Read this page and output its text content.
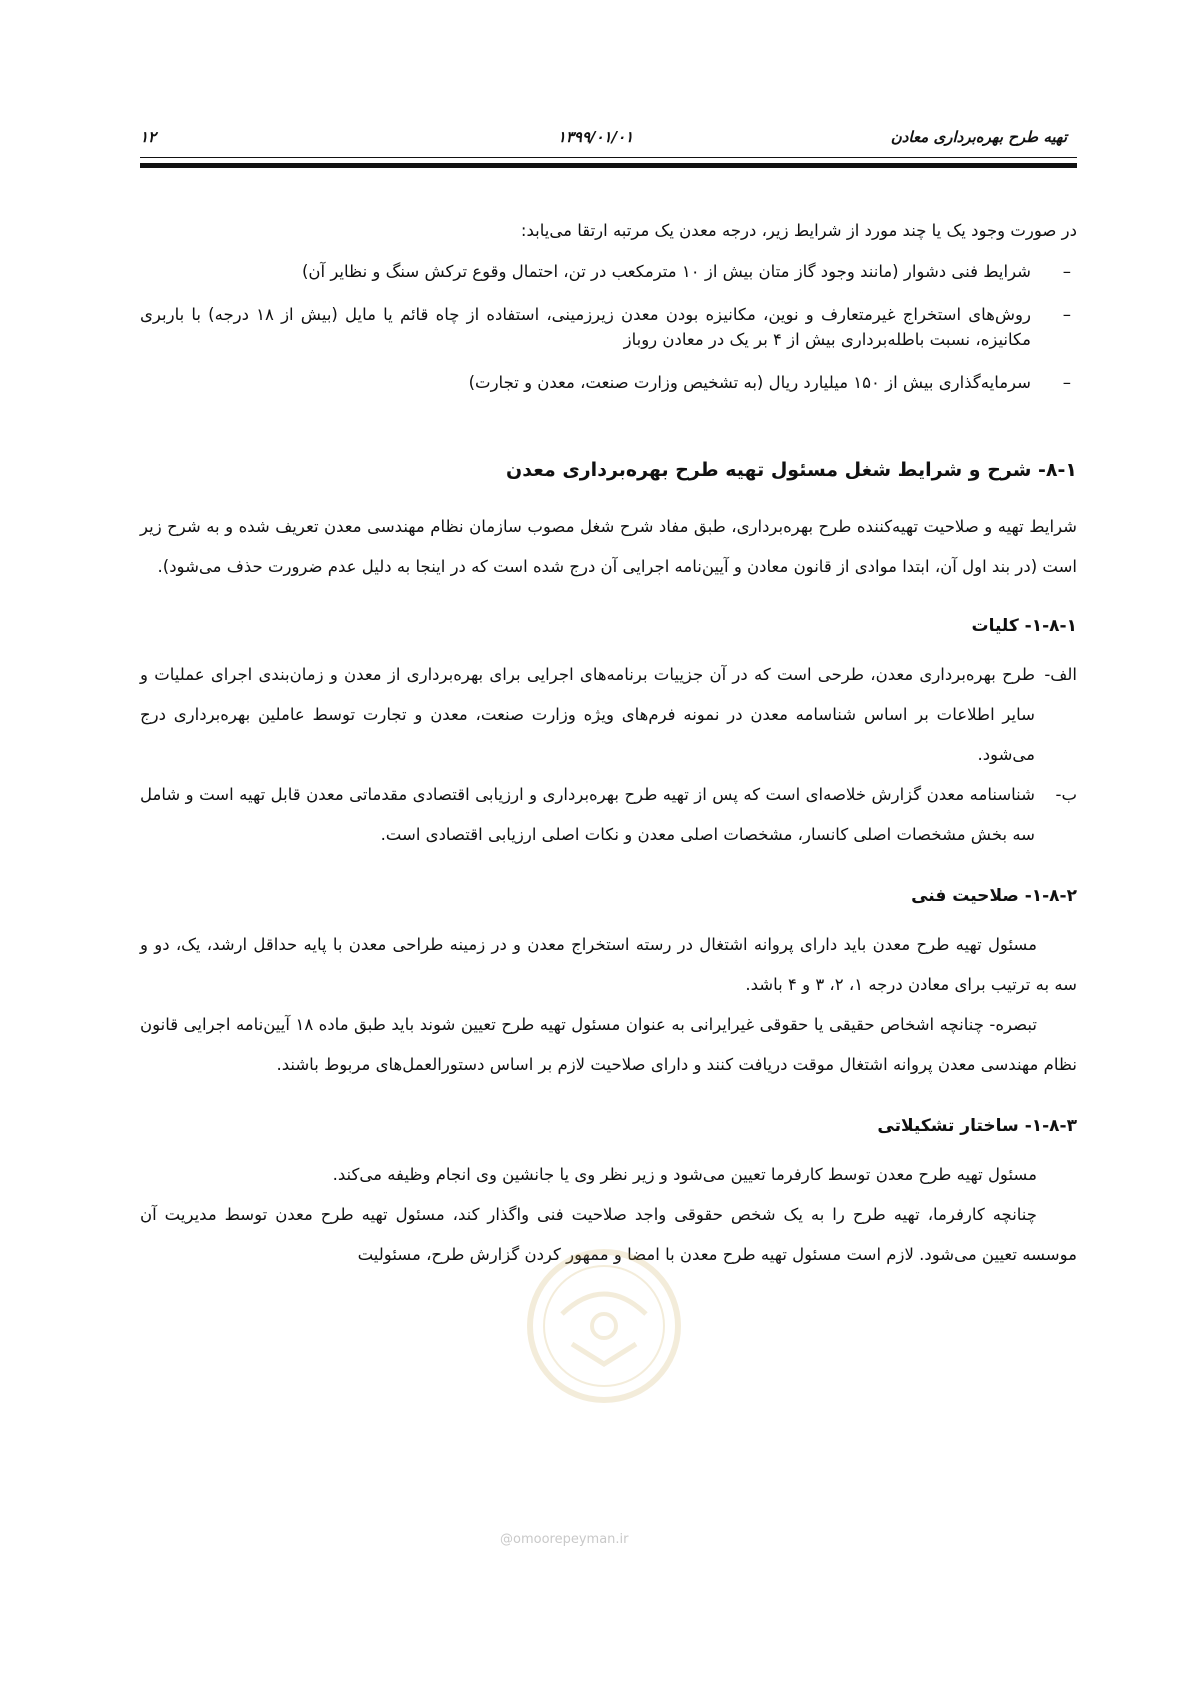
تهیه طرح بهره‌برداری معادن
۱۳۹۹/۰۱/۰۱
۱۲

در صورت وجود یک یا چند مورد از شرایط زیر، درجه معدن یک مرتبه ارتقا می‌یابد:

–
شرایط فنی دشوار (مانند وجود گاز متان بیش از ۱۰ مترمکعب در تن، احتمال وقوع ترکش سنگ و نظایر آن)
–
روش‌های استخراج غیرمتعارف و نوین، مکانیزه بودن معدن زیرزمینی، استفاده از چاه قائم یا مایل (بیش از ۱۸ درجه) با باربری مکانیزه، نسبت باطله‌برداری بیش از ۴ بر یک در معادن روباز
–
سرمایه‌گذاری بیش از ۱۵۰ میلیارد ریال (به تشخیص وزارت صنعت، معدن و تجارت)
۸-۱- شرح و شرایط شغل مسئول تهیه طرح بهره‌برداری معدن

شرایط تهیه و صلاحیت تهیه‌کننده طرح بهره‌برداری، طبق مفاد شرح شغل مصوب سازمان نظام مهندسی معدن تعریف شده و به شرح زیر است (در بند اول آن، ابتدا موادی از قانون معادن و آیین‌نامه اجرایی آن درج شده است که در اینجا به دلیل عدم ضرورت حذف می‌شود).

۱-۸-۱- کلیات
الف-
طرح بهره‌برداری معدن، طرحی است که در آن جزییات برنامه‌های اجرایی برای بهره‌برداری از معدن و زمان‌بندی اجرای عملیات و سایر اطلاعات بر اساس شناسامه معدن در نمونه فرم‌های ویژه وزارت صنعت، معدن و تجارت توسط عاملین بهره‌برداری درج می‌شود.
ب-
شناسنامه معدن گزارش خلاصه‌ای است که پس از تهیه طرح بهره‌برداری و ارزیابی اقتصادی مقدماتی معدن قابل تهیه است و شامل سه بخش مشخصات اصلی کانسار، مشخصات اصلی معدن و نکات اصلی ارزیابی اقتصادی است.
۱-۸-۲- صلاحیت فنی

مسئول تهیه طرح معدن باید دارای پروانه اشتغال در رسته استخراج معدن و در زمینه طراحی معدن با پایه حداقل ارشد، یک، دو و سه به ترتیب برای معادن درجه ۱، ۲، ۳ و ۴ باشد.

تبصره- چنانچه اشخاص حقیقی یا حقوقی غیرایرانی به عنوان مسئول تهیه طرح تعیین شوند باید طبق ماده ۱۸ آیین‌نامه اجرایی قانون نظام مهندسی معدن پروانه اشتغال موقت دریافت کنند و دارای صلاحیت لازم بر اساس دستورالعمل‌های مربوط باشند.

۱-۸-۳- ساختار تشکیلاتی

مسئول تهیه طرح معدن توسط کارفرما تعیین می‌شود و زیر نظر وی یا جانشین وی انجام وظیفه می‌کند.

چنانچه کارفرما، تهیه طرح را به یک شخص حقوقی واجد صلاحیت فنی واگذار کند، مسئول تهیه طرح معدن توسط مدیریت آن موسسه تعیین می‌شود. لازم است مسئول تهیه طرح معدن با امضا و ممهور کردن گزارش طرح، مسئولیت

@omoorepeyman.ir
